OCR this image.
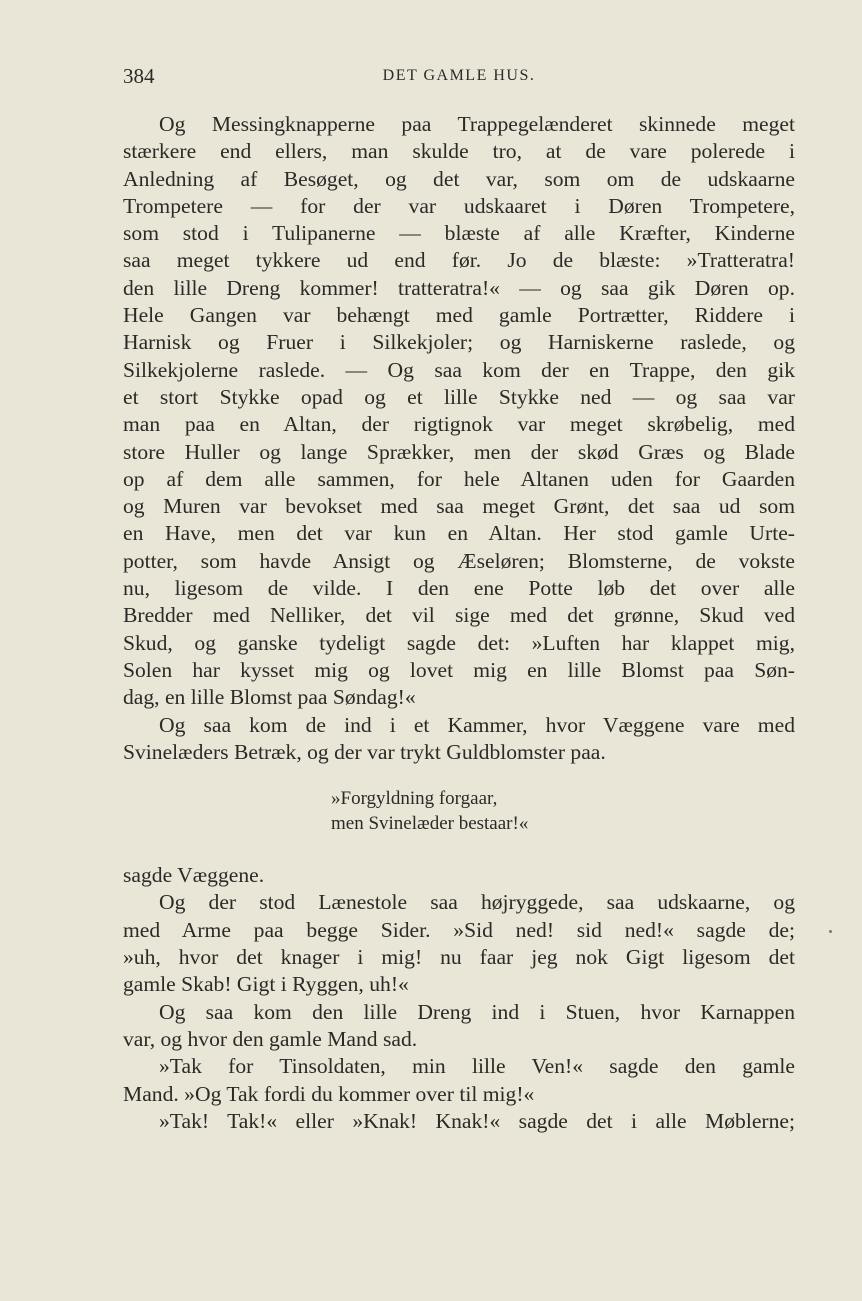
384	DET GAMLE HUS.
Og Messingknapperne paa Trappegelænderet skinnede meget
stærkere end ellers, man skulde tro, at de vare polerede i
Anledning af Besøget, og det var, som om de udskaarne
Trompetere — for der var udskaaret i Døren Trompetere,
som stod i Tulipanerne — blæste af alle Kræfter, Kinderne
saa meget tykkere ud end før. Jo de blæste: »Tratteratra!
den lille Dreng kommer! tratteratra!« — og saa gik Døren op.
Hele Gangen var behængt med gamle Portrætter, Riddere i
Harnisk og Fruer i Silkekjoler; og Harniskerne raslede, og
Silkekjolerne raslede. — Og saa kom der en Trappe, den gik
et stort Stykke opad og et lille Stykke ned — og saa var
man paa en Altan, der rigtignok var meget skrøbelig, med
store Huller og lange Sprækker, men der skød Græs og Blade
op af dem alle sammen, for hele Altanen uden for Gaarden
og Muren var bevokset med saa meget Grønt, det saa ud som
en Have, men det var kun en Altan. Her stod gamle Urte-
potter, som havde Ansigt og Æseløren; Blomsterne, de vokste
nu, ligesom de vilde. I den ene Potte løb det over alle
Bredder med Nelliker, det vil sige med det grønne, Skud ved
Skud, og ganske tydeligt sagde det: »Luften har klappet mig,
Solen har kysset mig og lovet mig en lille Blomst paa Søn-
dag, en lille Blomst paa Søndag!«
Og saa kom de ind i et Kammer, hvor Væggene vare med
Svinelæders Betræk, og der var trykt Guldblomster paa.
»Forgyldning forgaar,
men Svinelæder bestaar!«
sagde Væggene.
Og der stod Lænestole saa højryggede, saa udskaarne, og
med Arme paa begge Sider. »Sid ned! sid ned!« sagde de;
»uh, hvor det knager i mig! nu faar jeg nok Gigt ligesom det
gamle Skab! Gigt i Ryggen, uh!«
Og saa kom den lille Dreng ind i Stuen, hvor Karnappen
var, og hvor den gamle Mand sad.
»Tak for Tinsoldaten, min lille Ven!« sagde den gamle
Mand. »Og Tak fordi du kommer over til mig!«
»Tak! Tak!« eller »Knak! Knak!« sagde det i alle Møblerne;
